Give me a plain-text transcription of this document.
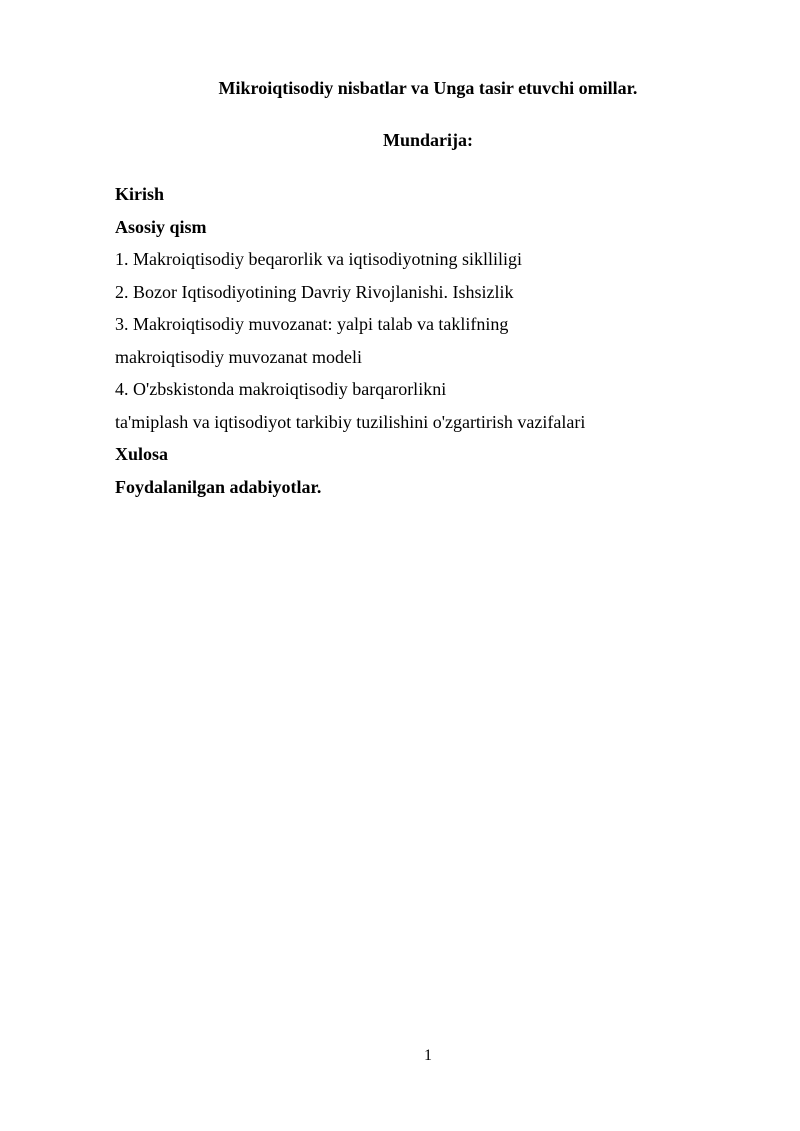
Mikroiqtisodiy nisbatlar va Unga tasir etuvchi omillar.
Mundarija:
Kirish
Asosiy qism
1. Makroiqtisodiy beqarorlik va iqtisodiyotning siklliligi
2. Bozor Iqtisodiyotining Davriy Rivojlanishi. Ishsizlik
3. Makroiqtisodiy muvozanat: yalpi talab va taklifning
makroiqtisodiy muvozanat modeli
4. O'zbskistonda makroiqtisodiy barqarorlikni
ta'miplash va iqtisodiyot tarkibiy tuzilishini o'zgartirish vazifalari
Xulosa
Foydalanilgan adabiyotlar.
1
